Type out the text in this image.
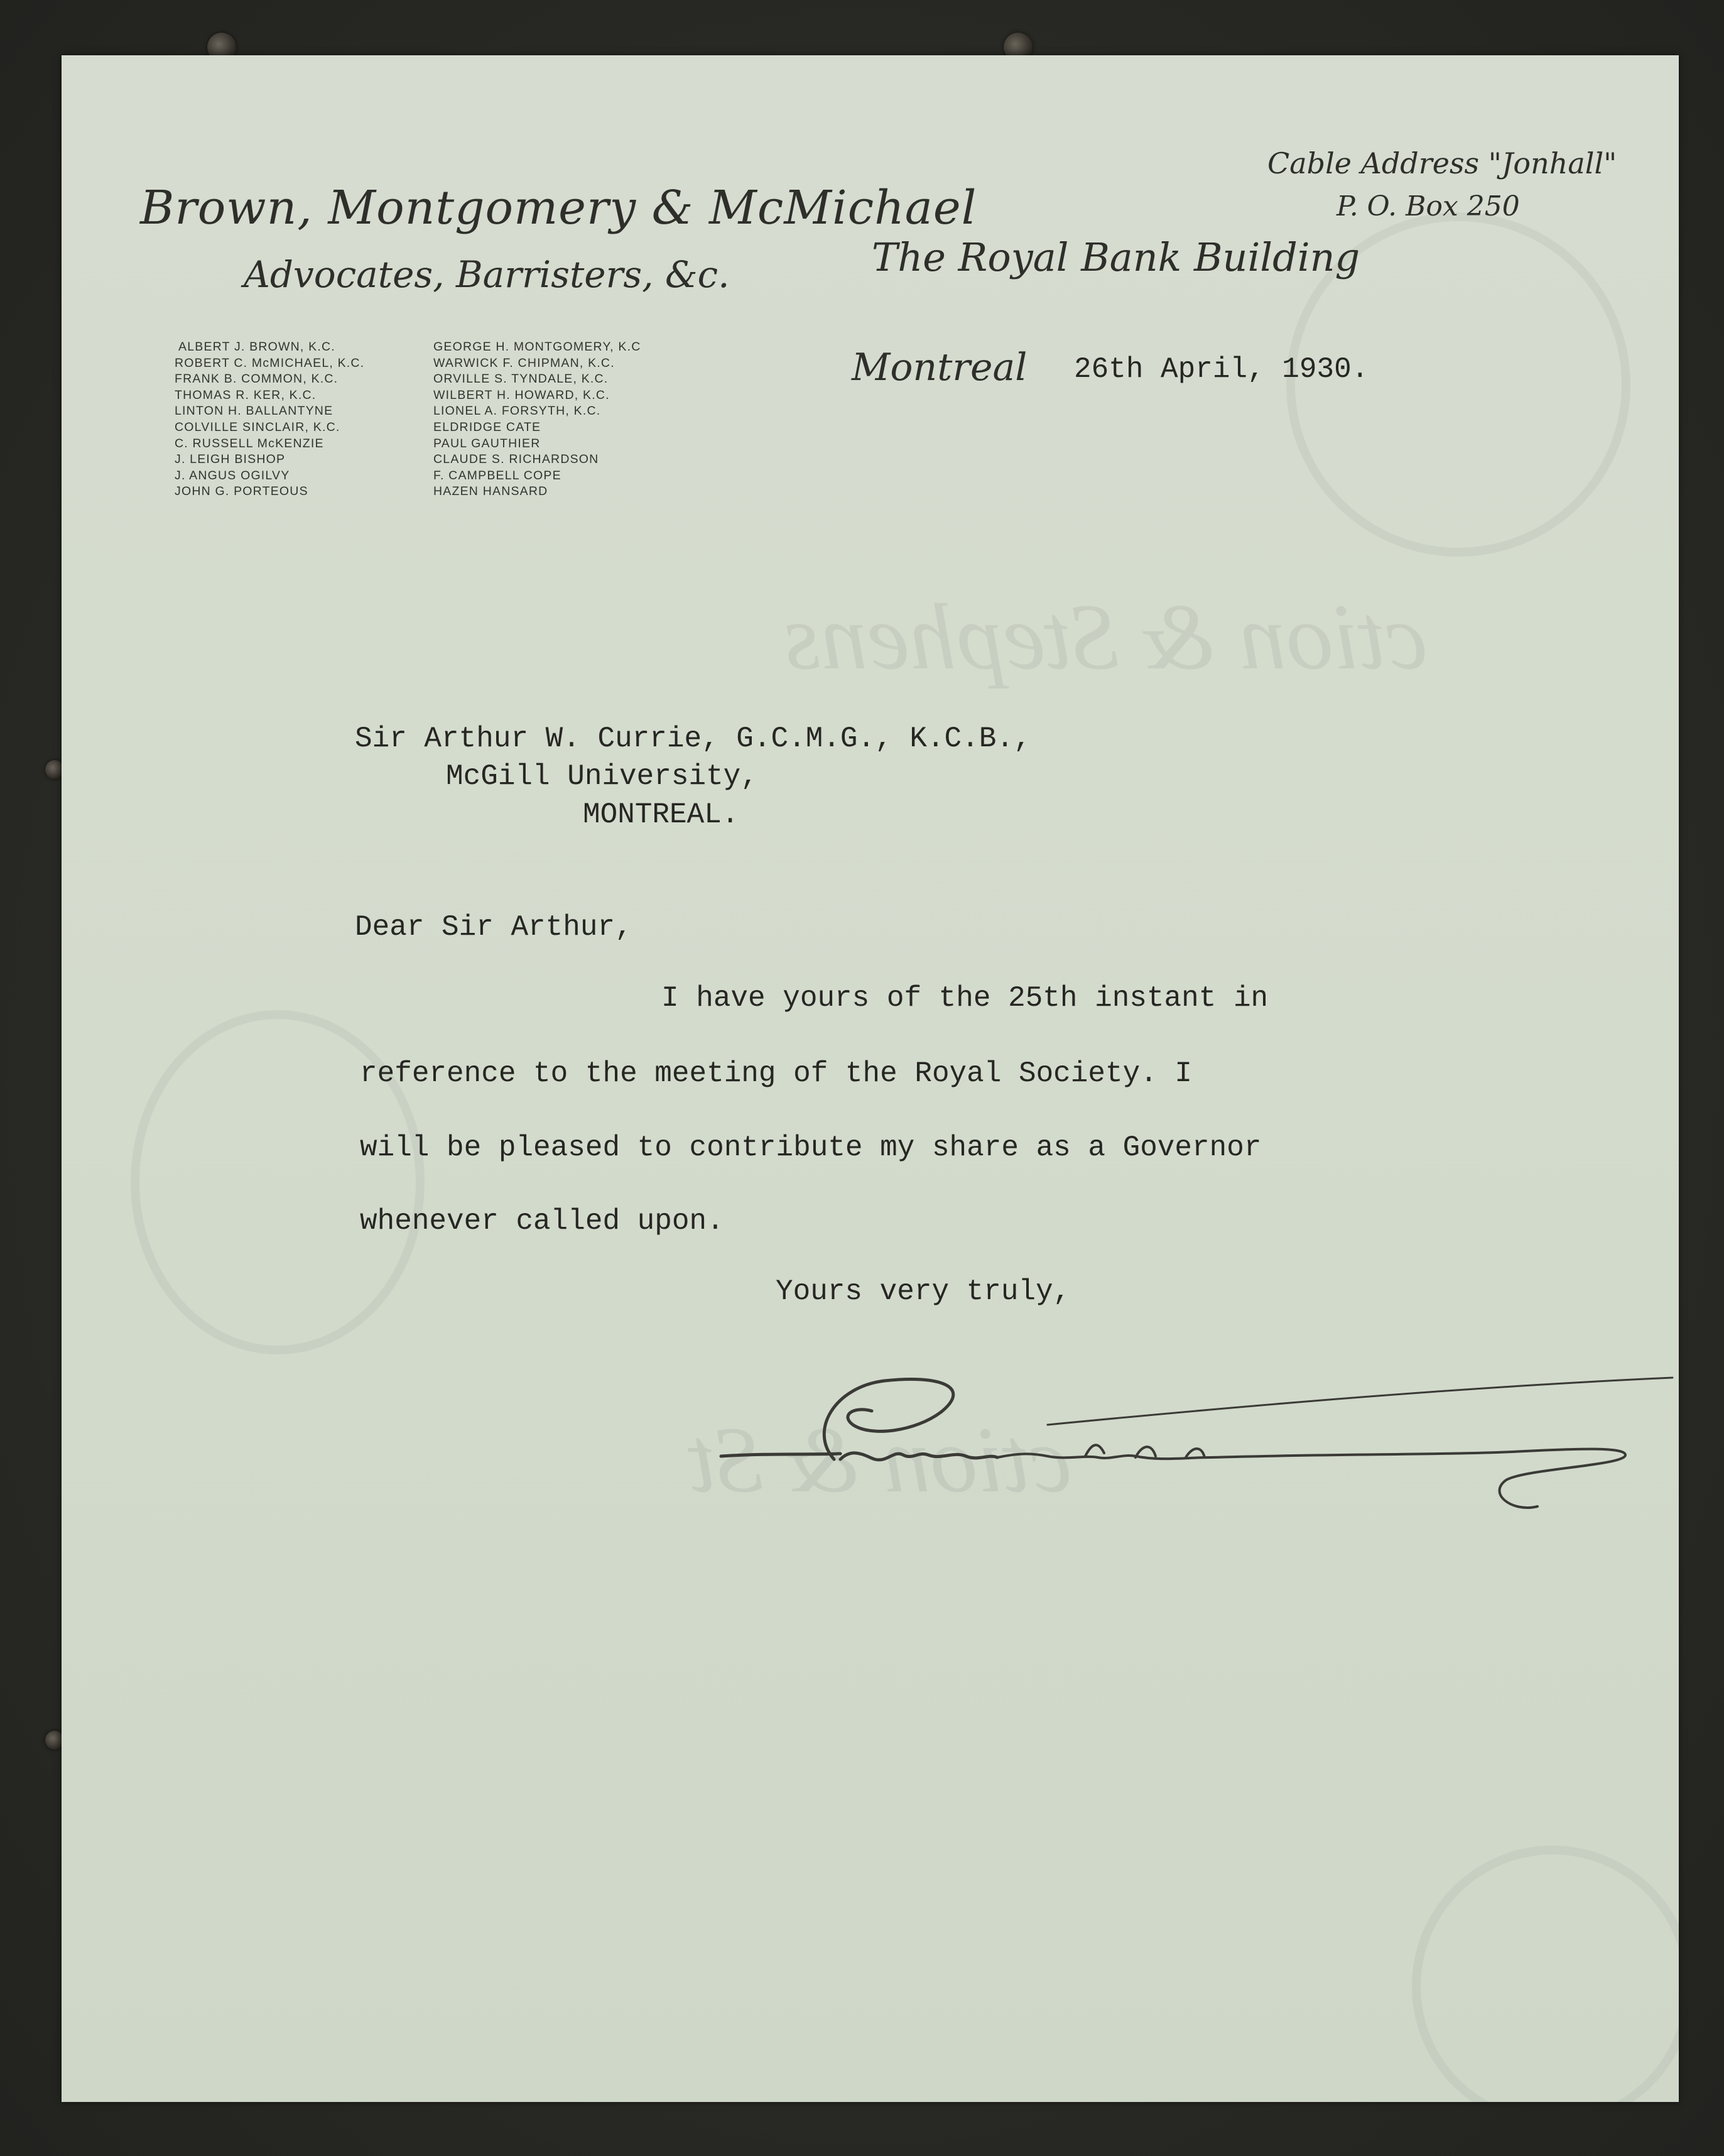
ction & Stephens
ction & St
Brown, Montgomery & McMichael
Advocates, Barristers, &c.	The Royal Bank Building
Cable Address "Jonhall"
P. O. Box 250
ALBERT J. BROWN, K.C.
ROBERT C. McMICHAEL, K.C.
FRANK B. COMMON, K.C.
THOMAS R. KER, K.C.
LINTON H. BALLANTYNE
COLVILLE SINCLAIR, K.C.
C. RUSSELL McKENZIE
J. LEIGH BISHOP
J. ANGUS OGILVY
JOHN G. PORTEOUS
GEORGE H. MONTGOMERY, K.C
WARWICK F. CHIPMAN, K.C.
ORVILLE S. TYNDALE, K.C.
WILBERT H. HOWARD, K.C.
LIONEL A. FORSYTH, K.C.
ELDRIDGE CATE
PAUL GAUTHIER
CLAUDE S. RICHARDSON
F. CAMPBELL COPE
HAZEN HANSARD
Montreal 26th April, 1930.
Sir Arthur W. Currie, G.C.M.G., K.C.B.,
McGill University,
MONTREAL.
Dear Sir Arthur,
I have yours of the 25th instant in
reference to the meeting of the Royal Society. I
will be pleased to contribute my share as a Governor
whenever called upon.
Yours very truly,
